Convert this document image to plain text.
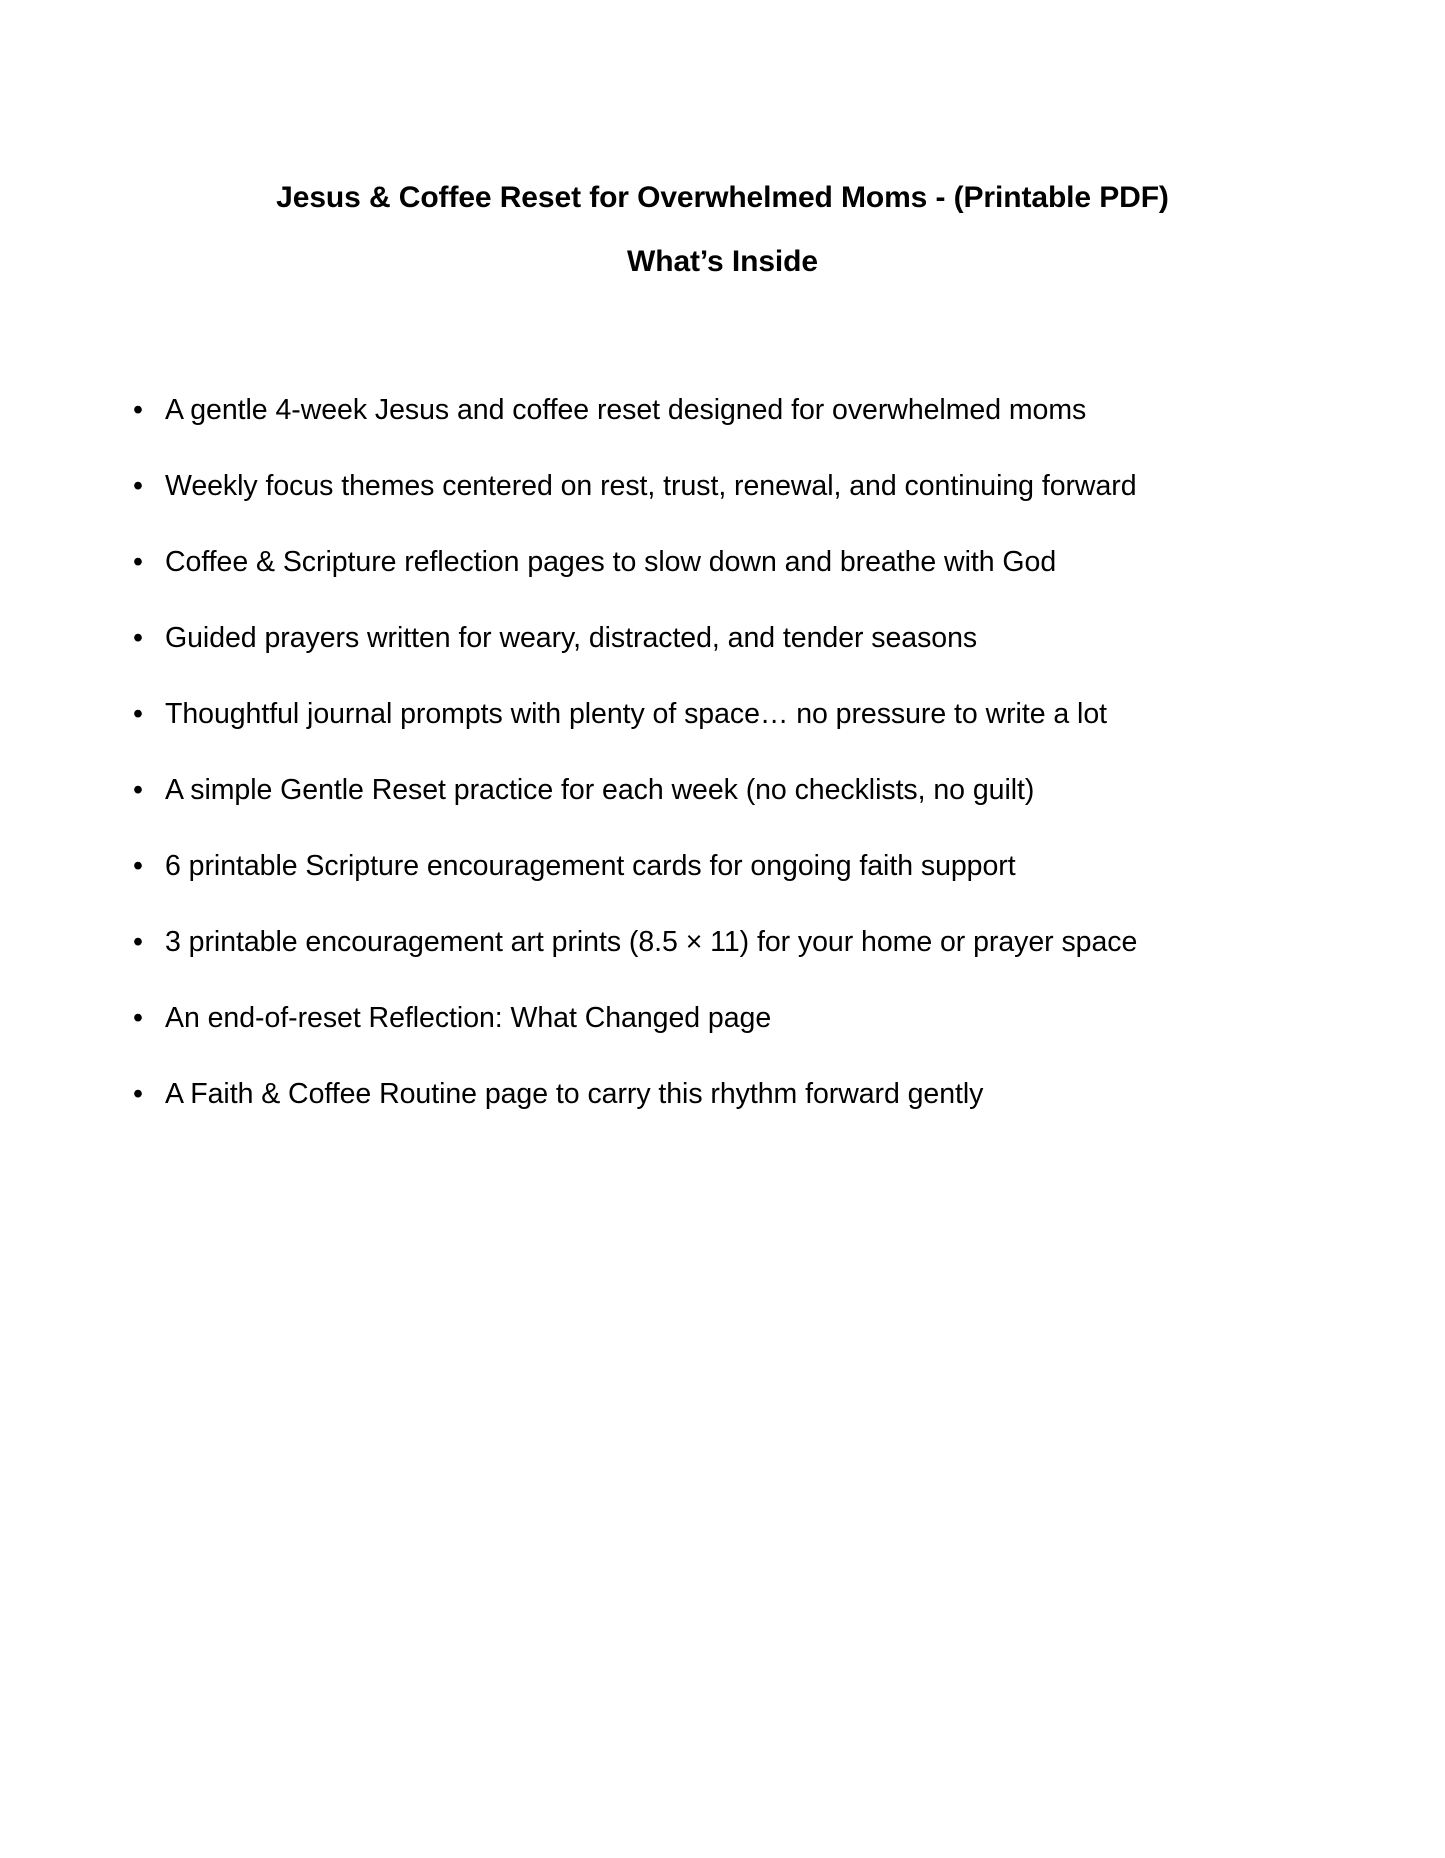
Jesus & Coffee Reset for Overwhelmed Moms - (Printable PDF)
What’s Inside
• A gentle 4-week Jesus and coffee reset designed for overwhelmed moms
• Weekly focus themes centered on rest, trust, renewal, and continuing forward
• Coffee & Scripture reflection pages to slow down and breathe with God
• Guided prayers written for weary, distracted, and tender seasons
• Thoughtful journal prompts with plenty of space… no pressure to write a lot
• A simple Gentle Reset practice for each week (no checklists, no guilt)
• 6 printable Scripture encouragement cards for ongoing faith support
• 3 printable encouragement art prints (8.5 × 11) for your home or prayer space
• An end-of-reset Reflection: What Changed page
• A Faith & Coffee Routine page to carry this rhythm forward gently
